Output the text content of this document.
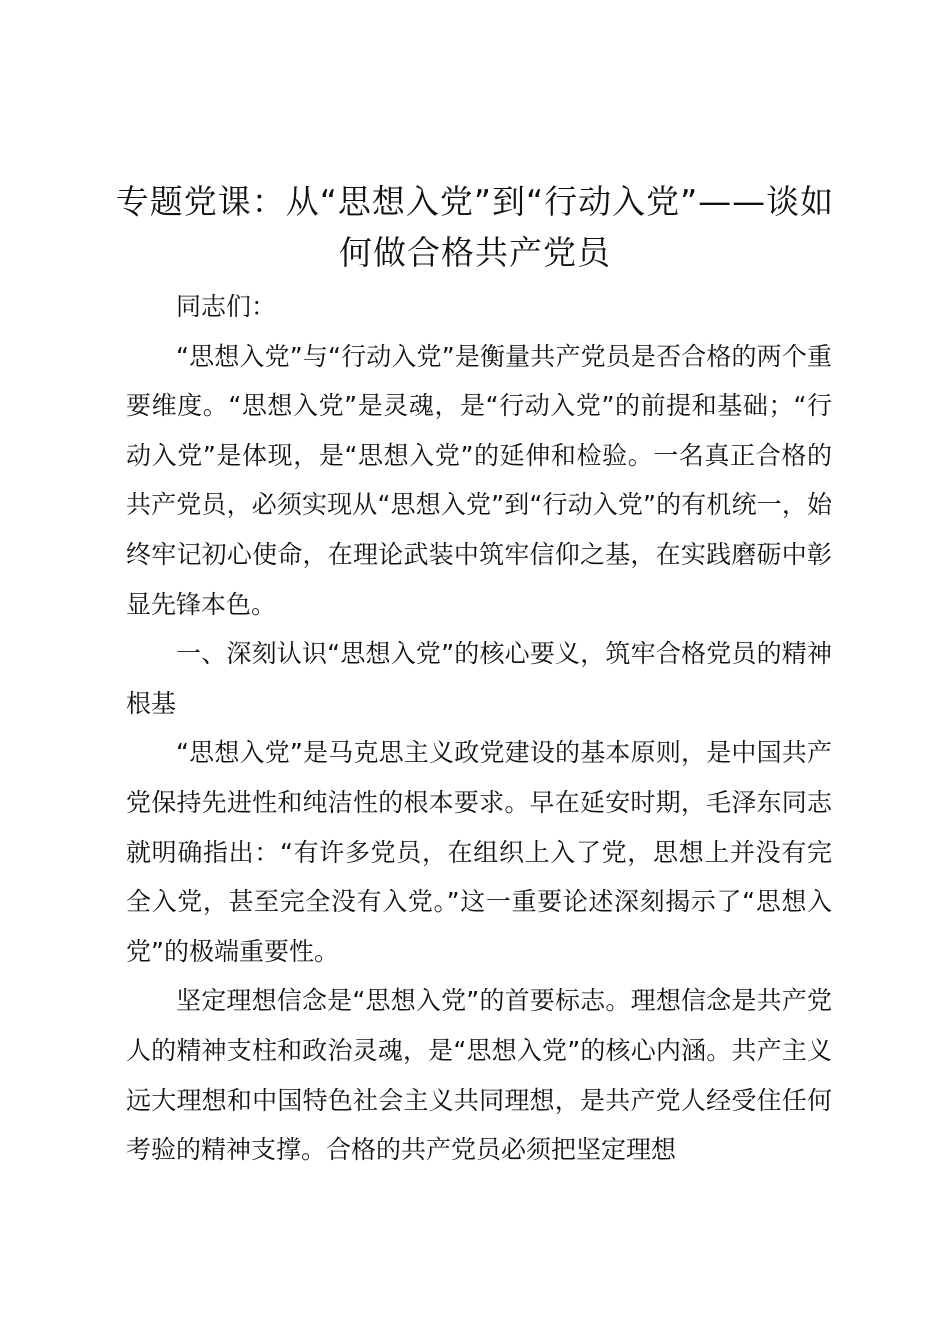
专题党课：从“思想入党”到“行动入党”——谈如何做合格共产党员

同志们：

“思想入党”与“行动入党”是衡量共产党员是否合格的两个重要维度。“思想入党”是灵魂，是“行动入党”的前提和基础；“行动入党”是体现，是“思想入党”的延伸和检验。一名真正合格的共产党员，必须实现从“思想入党”到“行动入党”的有机统一，始终牢记初心使命，在理论武装中筑牢信仰之基，在实践磨砺中彰显先锋本色。

一、深刻认识“思想入党”的核心要义，筑牢合格党员的精神根基

“思想入党”是马克思主义政党建设的基本原则，是中国共产党保持先进性和纯洁性的根本要求。早在延安时期，毛泽东同志就明确指出：“有许多党员，在组织上入了党，思想上并没有完全入党，甚至完全没有入党。”这一重要论述深刻揭示了“思想入党”的极端重要性。

坚定理想信念是“思想入党”的首要标志。理想信念是共产党人的精神支柱和政治灵魂，是“思想入党”的核心内涵。共产主义远大理想和中国特色社会主义共同理想，是共产党人经受住任何考验的精神支撑。合格的共产党员必须把坚定理想
